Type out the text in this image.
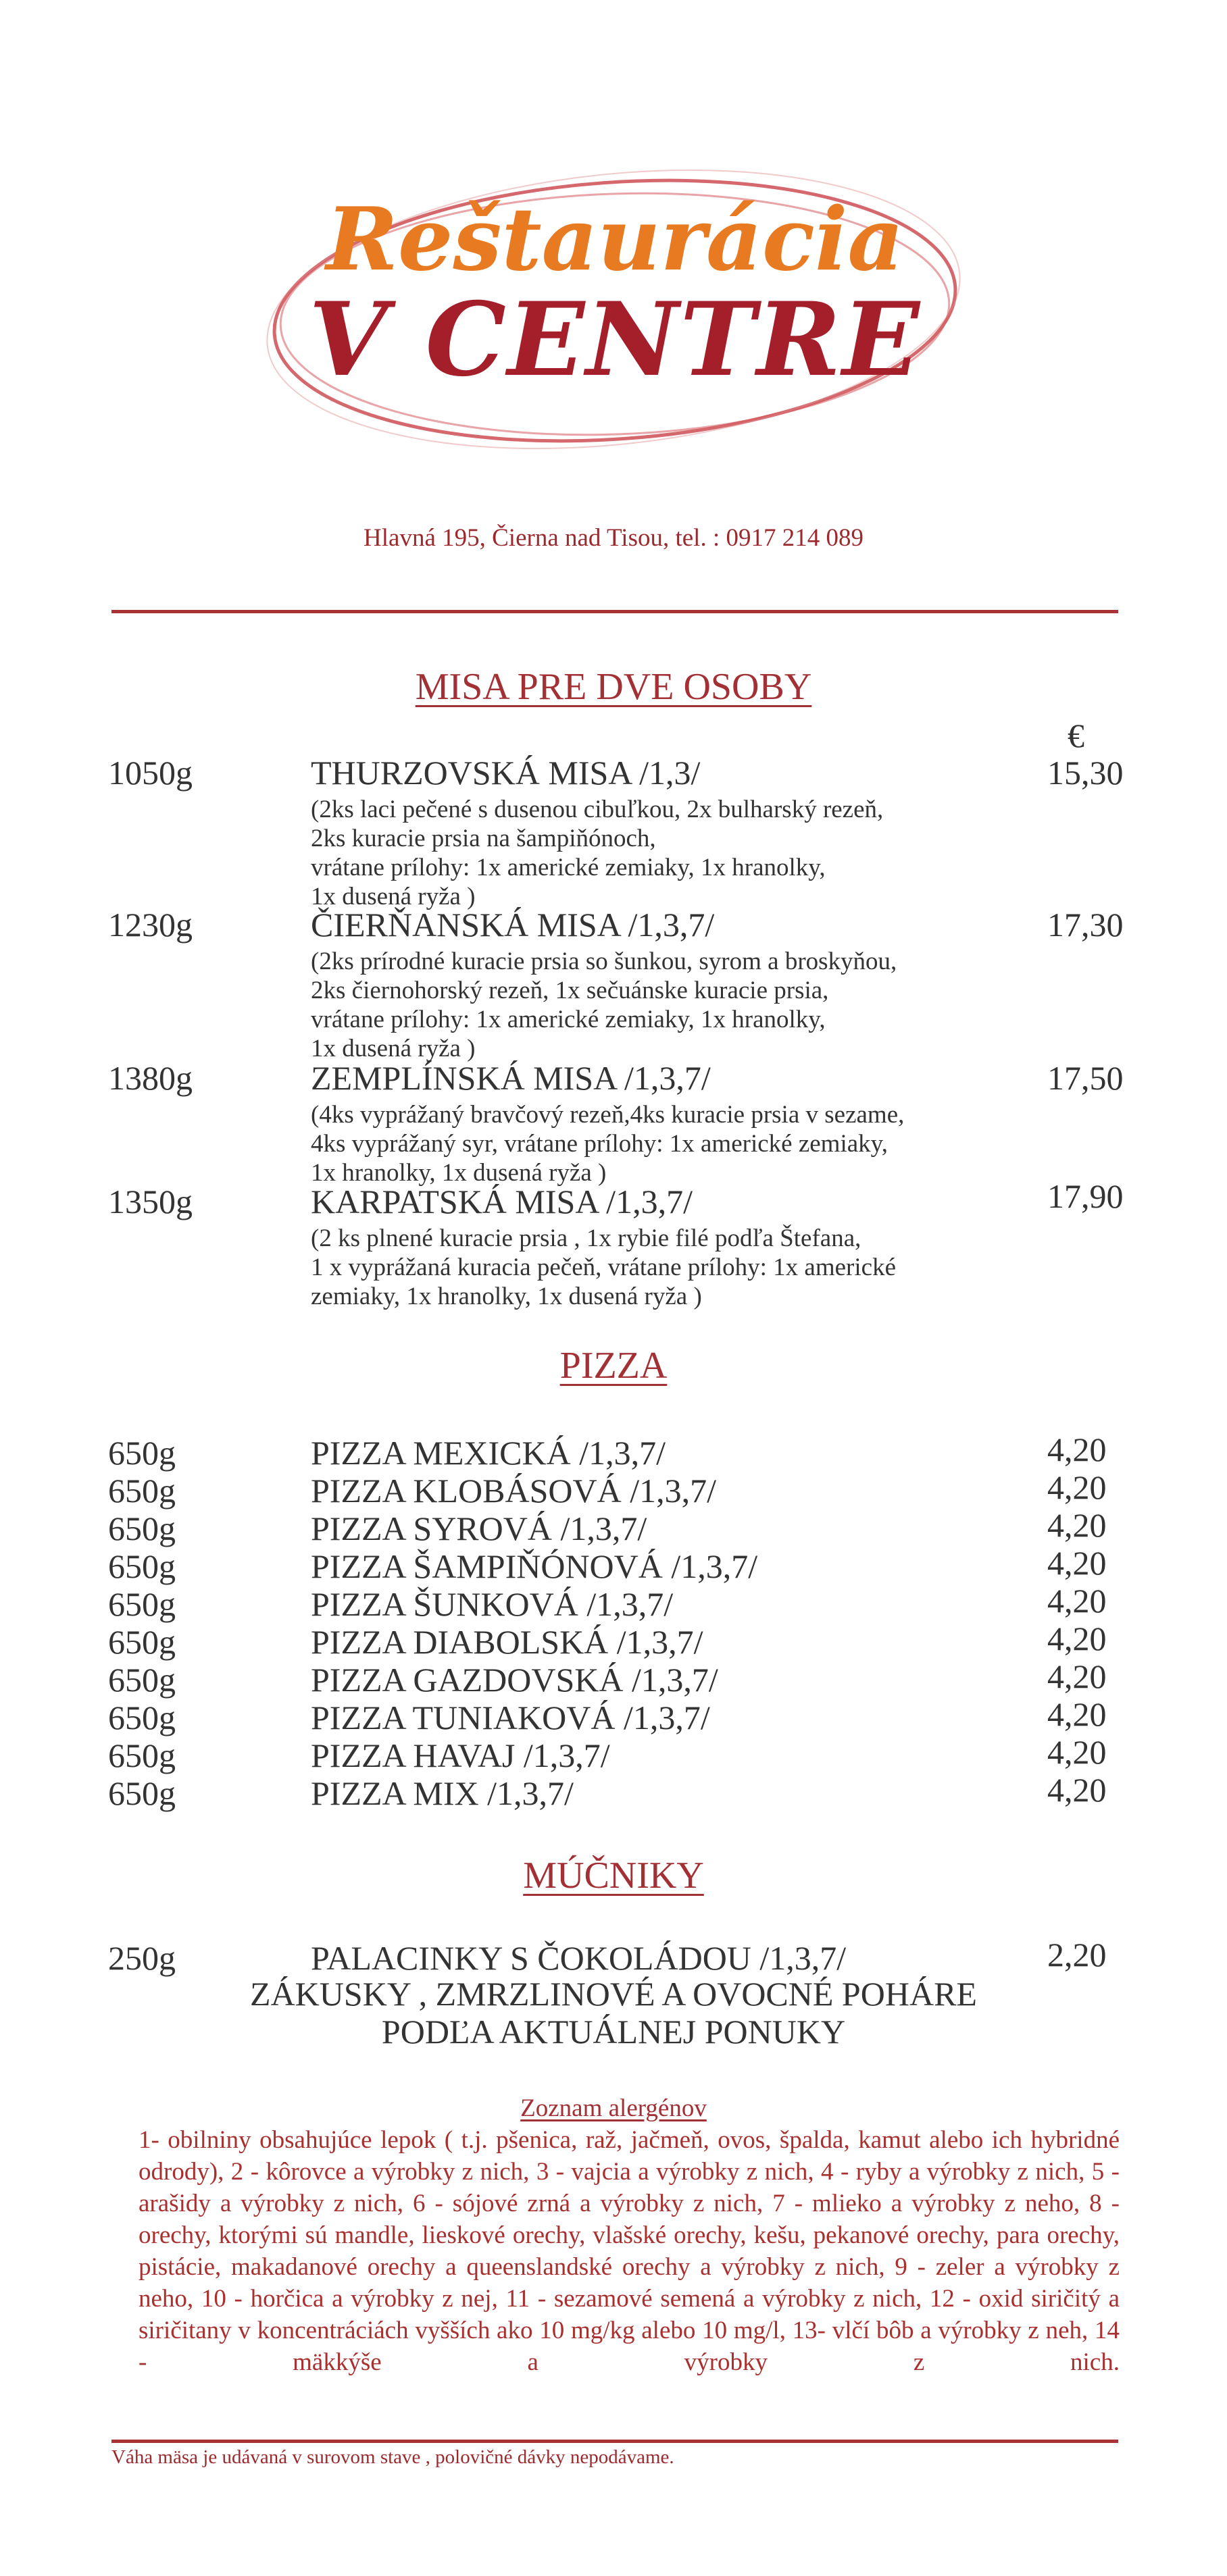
Reštaurácia
V CENTRE
Hlavná 195, Čierna nad Tisou, tel. : 0917 214 089
MISA PRE DVE OSOBY
€
1050g	THURZOVSKÁ MISA /1,3/	15,30
(2ks laci pečené s dusenou cibuľkou, 2x bulharský rezeň,
2ks kuracie prsia na šampiňónoch,
vrátane prílohy: 1x americké zemiaky, 1x hranolky,
1x dusená ryža )
1230g	ČIERŇANSKÁ MISA /1,3,7/	17,30
(2ks prírodné kuracie prsia so šunkou, syrom a broskyňou,
2ks čiernohorský rezeň, 1x sečuánske kuracie prsia,
vrátane prílohy: 1x americké zemiaky, 1x hranolky,
1x dusená ryža )
1380g	ZEMPLÍNSKÁ MISA /1,3,7/	17,50
(4ks vyprážaný bravčový rezeň,4ks kuracie prsia v sezame,
4ks vyprážaný syr, vrátane prílohy: 1x americké zemiaky,
1x hranolky, 1x dusená ryža )
1350g	KARPATSKÁ MISA /1,3,7/	17,90
(2 ks plnené kuracie prsia , 1x rybie filé podľa Štefana,
1 x vyprážaná kuracia pečeň, vrátane prílohy: 1x americké
zemiaky, 1x hranolky, 1x dusená ryža )
PIZZA
650g	PIZZA MEXICKÁ /1,3,7/	4,20
650g	PIZZA KLOBÁSOVÁ /1,3,7/	4,20
650g	PIZZA SYROVÁ /1,3,7/	4,20
650g	PIZZA ŠAMPIŇÓNOVÁ /1,3,7/	4,20
650g	PIZZA ŠUNKOVÁ /1,3,7/	4,20
650g	PIZZA DIABOLSKÁ /1,3,7/	4,20
650g	PIZZA GAZDOVSKÁ /1,3,7/	4,20
650g	PIZZA TUNIAKOVÁ /1,3,7/	4,20
650g	PIZZA HAVAJ /1,3,7/	4,20
650g	PIZZA MIX /1,3,7/	4,20
MÚČNIKY
250g	PALACINKY S ČOKOLÁDOU /1,3,7/	2,20
ZÁKUSKY , ZMRZLINOVÉ A OVOCNÉ POHÁRE
PODĽA AKTUÁLNEJ PONUKY
Zoznam alergénov
1- obilniny obsahujúce lepok ( t.j. pšenica, raž, jačmeň, ovos, špalda, kamut alebo ich hybridné odrody), 2 - kôrovce a výrobky z nich, 3 - vajcia a výrobky z nich, 4 - ryby a výrobky z nich, 5 - arašidy a výrobky z nich, 6 - sójové zrná a výrobky z nich, 7 - mlieko a výrobky z neho, 8 - orechy, ktorými sú mandle, lieskové orechy, vlašské orechy, kešu, pekanové orechy, para orechy, pistácie, makadanové orechy a queenslandské orechy a výrobky z nich, 9 - zeler a výrobky z neho, 10 - horčica a výrobky z nej, 11 - sezamové semená a výrobky z nich, 12 - oxid siričitý a siričitany v koncentráciách vyšších ako 10 mg/kg alebo 10 mg/l, 13- vlčí bôb a výrobky z neh, 14 - mäkkýše a výrobky z nich.
Váha mäsa je udávaná v surovom stave , polovičné dávky nepodávame.
